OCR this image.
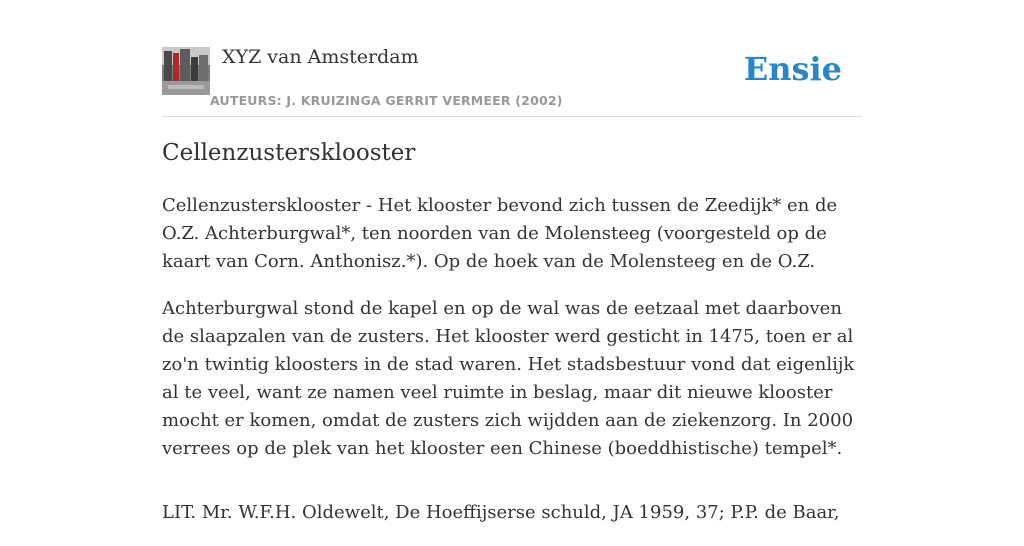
XYZ van Amsterdam
AUTEURS: J. KRUIZINGA GERRIT VERMEER (2002)
Ensie
Cellenzustersklooster

Cellenzustersklooster - Het klooster bevond zich tussen de Zeedijk* en de O.Z. Achterburgwal*, ten noorden van de Molensteeg (voorgesteld op de kaart van Corn. Anthonisz.*). Op de hoek van de Molensteeg en de O.Z.

Achterburgwal stond de kapel en op de wal was de eetzaal met daarboven de slaapzalen van de zusters. Het klooster werd gesticht in 1475, toen er al zo'n twintig kloosters in de stad waren. Het stadsbestuur vond dat eigenlijk al te veel, want ze namen veel ruimte in beslag, maar dit nieuwe klooster mocht er komen, omdat de zusters zich wijdden aan de ziekenzorg. In 2000 verrees op de plek van het klooster een Chinese (boeddhistische) tempel*.

LIT. Mr. W.F.H. Oldewelt, De Hoeffijserse schuld, JA 1959, 37; P.P. de Baar,
